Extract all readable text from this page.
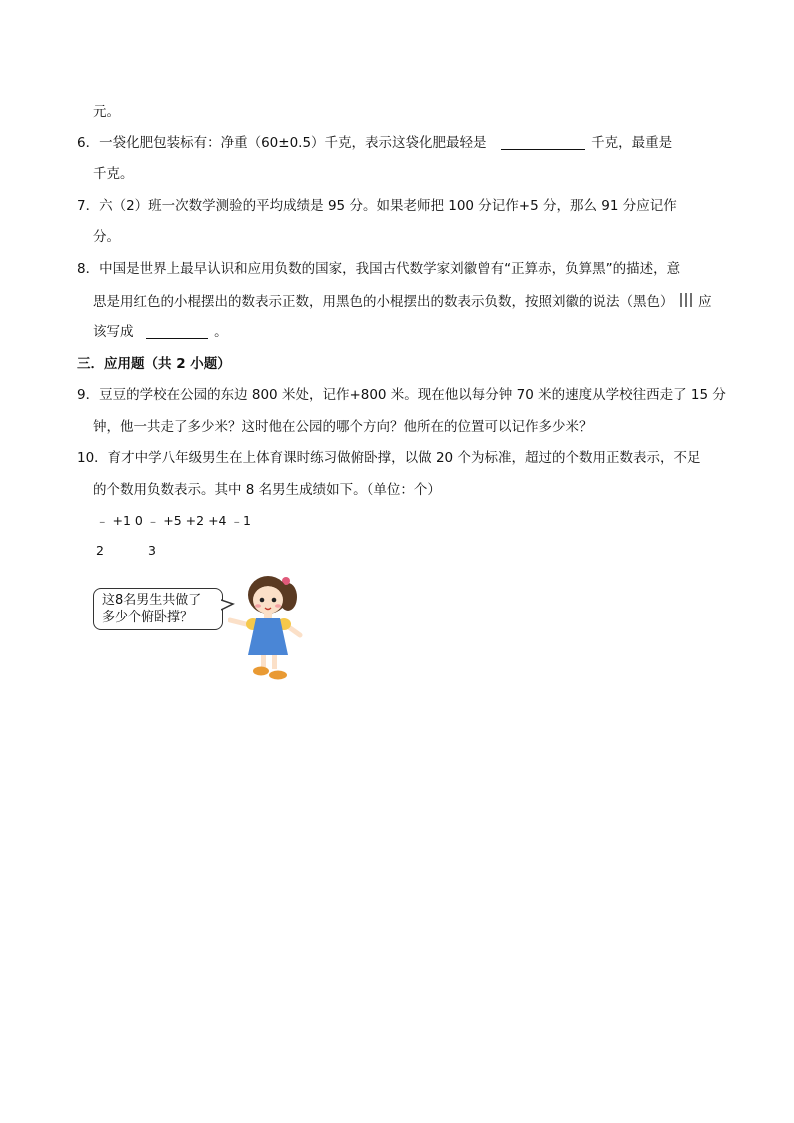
元。
6．一袋化肥包装标有：净重（60±0.5）千克，表示这袋化肥最轻是	千克，最重是
千克。
7．六（2）班一次数学测验的平均成绩是 95 分。如果老师把 100 分记作+5 分，那么 91 分应记作
分。
8．中国是世界上最早认识和应用负数的国家，我国古代数学家刘徽曾有“正算赤，负算黑”的描述，意
思是用红色的小棍摆出的数表示正数，用黑色的小棍摆出的数表示负数，按照刘徽的说法（黑色） 应
该写成	。
三．应用题（共 2 小题）
9．豆豆的学校在公园的东边 800 米处，记作+800 米。现在他以每分钟 70 米的速度从学校往西走了 15 分
钟，他一共走了多少米？这时他在公园的哪个方向？他所在的位置可以记作多少米？
10．育才中学八年级男生在上体育课时练习做俯卧撑，以做 20 个为标准，超过的个数用正数表示，不足
的个数用负数表示。其中 8 名男生成绩如下。（单位：个）
﹣ +1 0 ﹣ +5 +2 +4 ﹣1
2	3
这8名男生共做了
多少个俯卧撑？
